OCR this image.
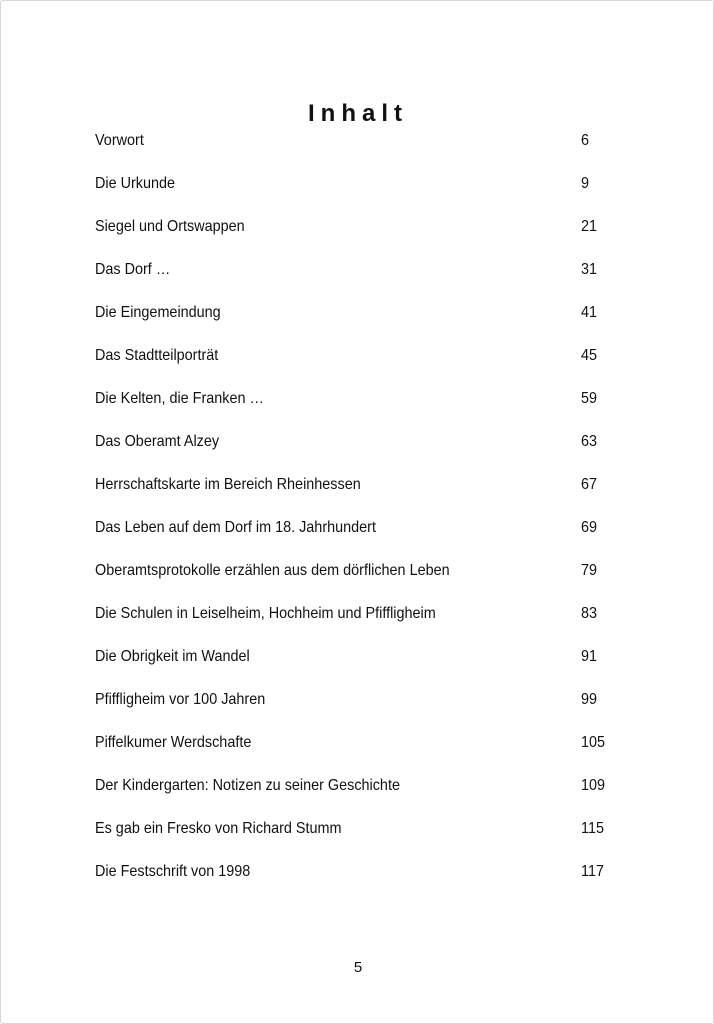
Inhalt
Vorwort	6
Die Urkunde	9
Siegel und Ortswappen	21
Das Dorf …	31
Die Eingemeindung	41
Das Stadtteilporträt	45
Die Kelten, die Franken …	59
Das Oberamt Alzey	63
Herrschaftskarte im Bereich Rheinhessen	67
Das Leben auf dem Dorf im 18. Jahrhundert	69
Oberamtsprotokolle erzählen aus dem dörflichen Leben	79
Die Schulen in Leiselheim, Hochheim und Pfiffligheim	83
Die Obrigkeit im Wandel	91
Pfiffligheim vor 100 Jahren	99
Piffelkumer Werdschafte	105
Der Kindergarten: Notizen zu seiner Geschichte	109
Es gab ein Fresko von Richard Stumm	115
Die Festschrift von 1998	117
5
